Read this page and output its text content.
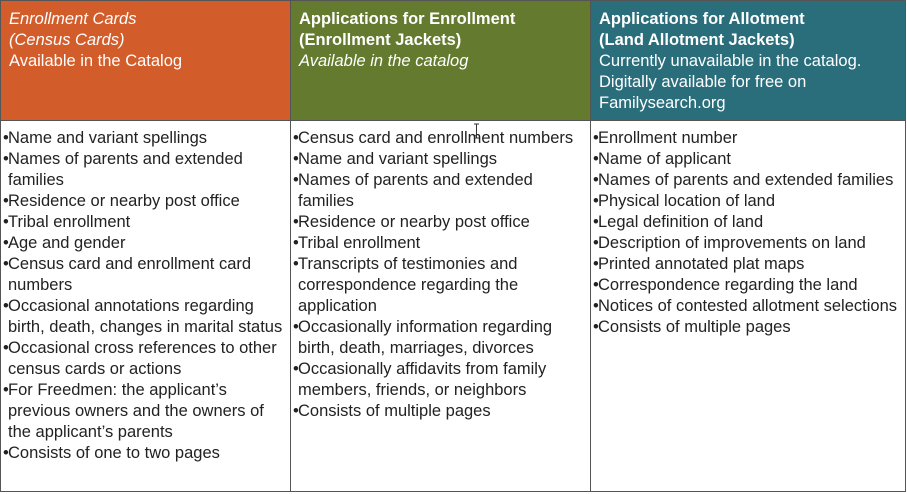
Enrollment Cards
(Census Cards)
Available in the Catalog
Applications for Enrollment
(Enrollment Jackets)
Available in the catalog
Applications for Allotment
(Land Allotment Jackets)
Currently unavailable in the catalog.
Digitally available for free on
Familysearch.org
• Name and variant spellings
• Names of parents and extended families
• Residence or nearby post office
• Tribal enrollment
• Age and gender
• Census card and enrollment card numbers
• Occasional annotations regarding birth, death, changes in marital status
• Occasional cross references to other census cards or actions
• For Freedmen: the applicant’s previous owners and the owners of the applicant’s parents
• Consists of one to two pages
• Census card and enrollment numbers
• Name and variant spellings
• Names of parents and extended families
• Residence or nearby post office
• Tribal enrollment
• Transcripts of testimonies and correspondence regarding the application
• Occasionally information regarding birth, death, marriages, divorces
• Occasionally affidavits from family members, friends, or neighbors
• Consists of multiple pages
• Enrollment number
• Name of applicant
• Names of parents and extended families
• Physical location of land
• Legal definition of land
• Description of improvements on land
• Printed annotated plat maps
• Correspondence regarding the land
• Notices of contested allotment selections
• Consists of multiple pages
